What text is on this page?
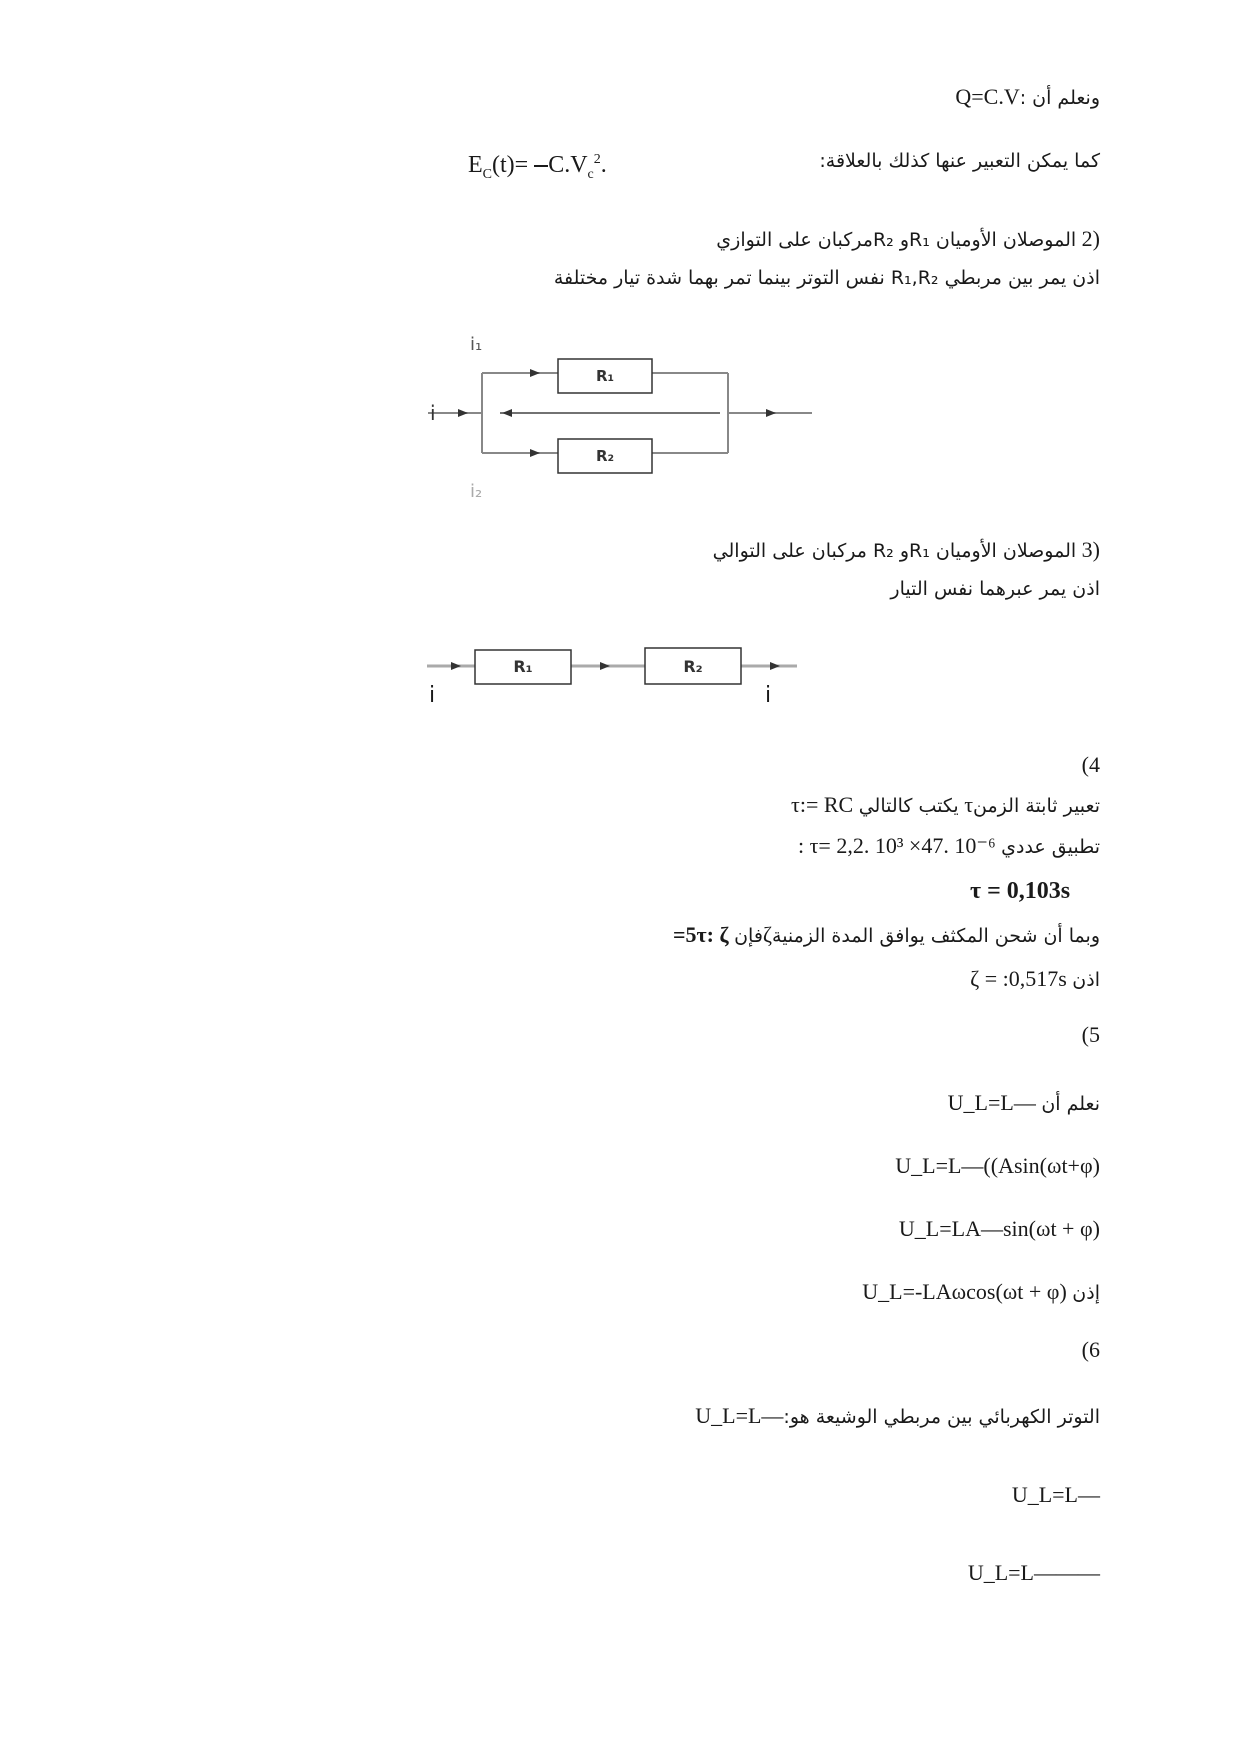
ونعلم أن :Q=C.V
كما يمكن التعبير عنها كذلك بالعلاقة:
$E_C(t)= C.V_c^2$.
2) الموصلان الأوميان R₁و R₂مركبان على التوازي
اذن يمر بين مربطي R₁,R₂ نفس التوتر بينما تمر بهما شدة تيار مختلفة
R₁
R₂
i₁
i₂
i
3) الموصلان الأوميان R₁و R₂ مركبان على التوالي
اذن يمر عبرهما نفس التيار
R₁	R₂
i	i
(4
تعبير ثابتة الزمنτ يكتب كالتالي τ:= RC
تطبيق عددي : τ= 2,2. 10³ ×47. 10⁻⁶
τ = 0,103s
وبما أن شحن المكثف يوافق المدة الزمنيةζفإن =5τ: ζ
اذن ζ = :0,517s
(5
نعلم أن U_L=L—
U_L=L—((Asin(ωt+φ)
U_L=LA—sin(ωt + φ)
إذن U_L=-LAωcos(ωt + φ)
(6
التوتر الكهربائي بين مربطي الوشيعة هو:U_L=L—
U_L=L—
U_L=L———
